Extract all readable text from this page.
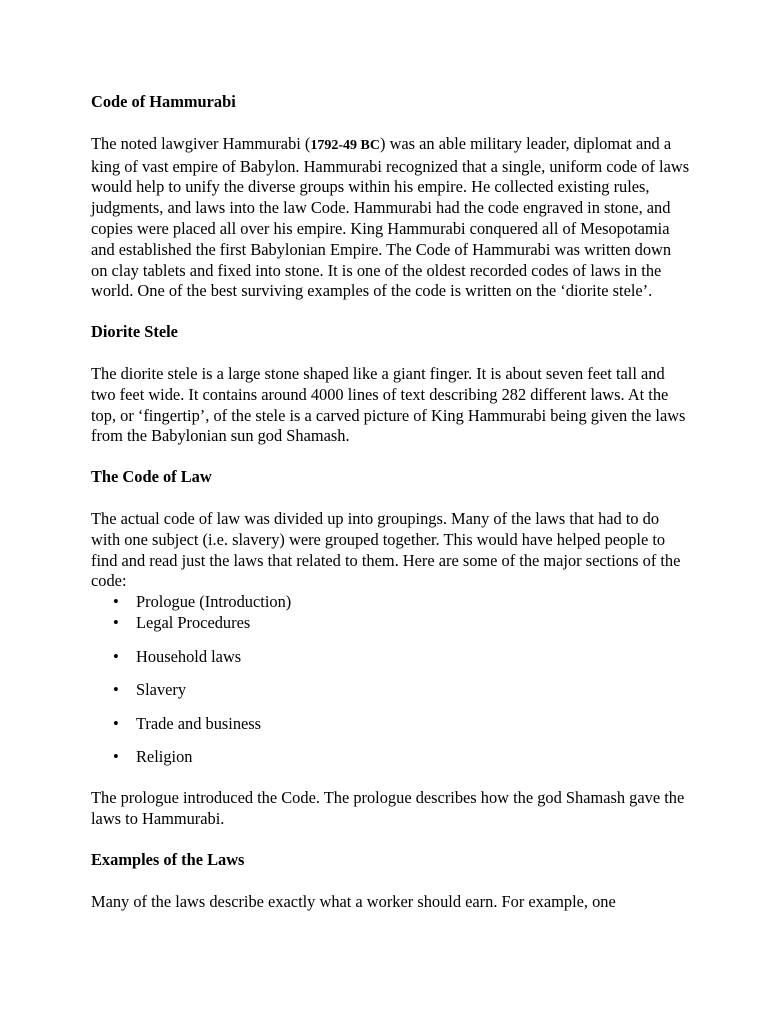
Code of Hammurabi

The noted lawgiver Hammurabi (1792-49 BC) was an able military leader, diplomat and a king of vast empire of Babylon. Hammurabi recognized that a single, uniform code of laws would help to unify the diverse groups within his empire. He collected existing rules, judgments, and laws into the law Code. Hammurabi had the code engraved in stone, and copies were placed all over his empire. King Hammurabi conquered all of Mesopotamia and established the first Babylonian Empire. The Code of Hammurabi was written down on clay tablets and fixed into stone. It is one of the oldest recorded codes of laws in the world. One of the best surviving examples of the code is written on the ‘diorite stele’.

Diorite Stele

The diorite stele is a large stone shaped like a giant finger. It is about seven feet tall and two feet wide. It contains around 4000 lines of text describing 282 different laws. At the top, or ‘fingertip’, of the stele is a carved picture of King Hammurabi being given the laws from the Babylonian sun god Shamash.

The Code of Law

The actual code of law was divided up into groupings. Many of the laws that had to do with one subject (i.e. slavery) were grouped together. This would have helped people to find and read just the laws that related to them. Here are some of the major sections of the code:

• Prologue (Introduction)
• Legal Procedures
• Household laws
• Slavery
• Trade and business
• Religion

The prologue introduced the Code. The prologue describes how the god Shamash gave the laws to Hammurabi.

Examples of the Laws

Many of the laws describe exactly what a worker should earn. For example, one
